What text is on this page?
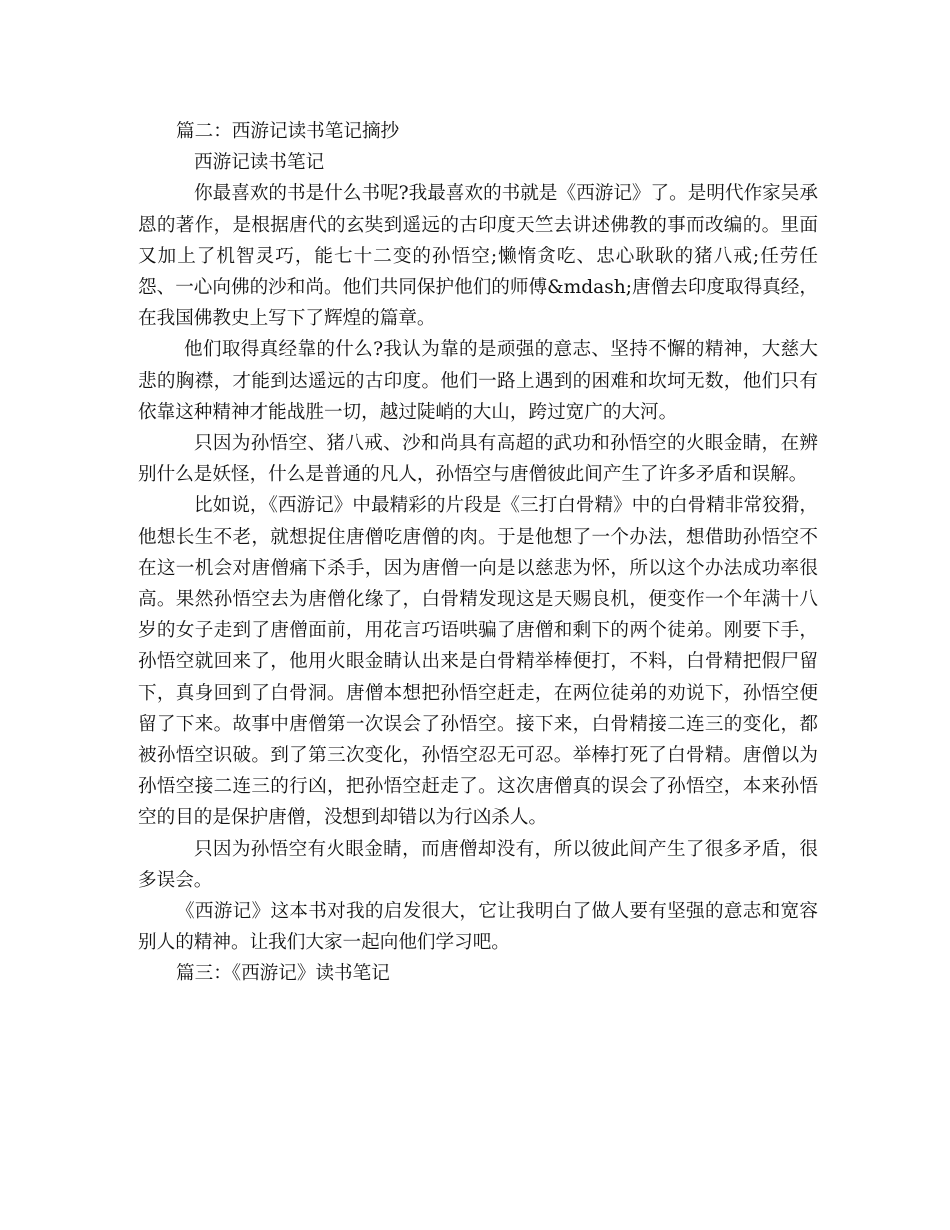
篇二：西游记读书笔记摘抄

西游记读书笔记

你最喜欢的书是什么书呢?我最喜欢的书就是《西游记》了。是明代作家吴承恩的著作，是根据唐代的玄奘到遥远的古印度天竺去讲述佛教的事而改编的。里面又加上了机智灵巧，能七十二变的孙悟空;懒惰贪吃、忠心耿耿的猪八戒;任劳任怨、一心向佛的沙和尚。他们共同保护他们的师傅&mdash;唐僧去印度取得真经，在我国佛教史上写下了辉煌的篇章。

他们取得真经靠的什么?我认为靠的是顽强的意志、坚持不懈的精神，大慈大悲的胸襟，才能到达遥远的古印度。他们一路上遇到的困难和坎坷无数，他们只有依靠这种精神才能战胜一切，越过陡峭的大山，跨过宽广的大河。

只因为孙悟空、猪八戒、沙和尚具有高超的武功和孙悟空的火眼金睛，在辨别什么是妖怪，什么是普通的凡人，孙悟空与唐僧彼此间产生了许多矛盾和误解。

比如说，《西游记》中最精彩的片段是《三打白骨精》中的白骨精非常狡猾，他想长生不老，就想捉住唐僧吃唐僧的肉。于是他想了一个办法，想借助孙悟空不在这一机会对唐僧痛下杀手，因为唐僧一向是以慈悲为怀，所以这个办法成功率很高。果然孙悟空去为唐僧化缘了，白骨精发现这是天赐良机，便变作一个年满十八岁的女子走到了唐僧面前，用花言巧语哄骗了唐僧和剩下的两个徒弟。刚要下手，孙悟空就回来了，他用火眼金睛认出来是白骨精举棒便打，不料，白骨精把假尸留下，真身回到了白骨洞。唐僧本想把孙悟空赶走，在两位徒弟的劝说下，孙悟空便留了下来。故事中唐僧第一次误会了孙悟空。接下来，白骨精接二连三的变化，都被孙悟空识破。到了第三次变化，孙悟空忍无可忍。举棒打死了白骨精。唐僧以为孙悟空接二连三的行凶，把孙悟空赶走了。这次唐僧真的误会了孙悟空，本来孙悟空的目的是保护唐僧，没想到却错以为行凶杀人。

只因为孙悟空有火眼金睛，而唐僧却没有，所以彼此间产生了很多矛盾，很多误会。

《西游记》这本书对我的启发很大，它让我明白了做人要有坚强的意志和宽容别人的精神。让我们大家一起向他们学习吧。

篇三：《西游记》读书笔记
